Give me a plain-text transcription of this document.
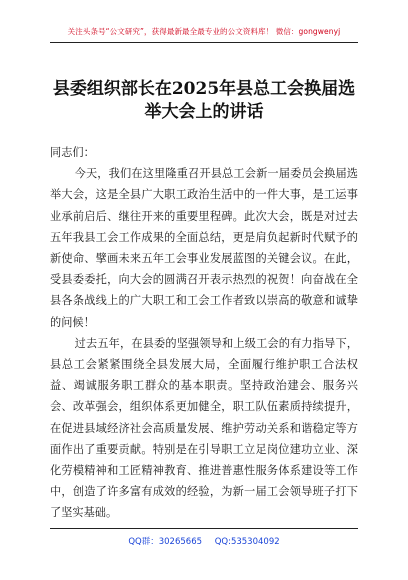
关注头条号“公文研究”，获得最新最全最专业的公文资料库！ 微信：gongwenyj
县委组织部长在2025年县总工会换届选
举大会上的讲话

同志们：

今天，我们在这里隆重召开县总工会新一届委员会换届选举大会，这是全县广大职工政治生活中的一件大事，是工运事业承前启后、继往开来的重要里程碑。此次大会，既是对过去五年我县工会工作成果的全面总结，更是肩负起新时代赋予的新使命、擘画未来五年工会事业发展蓝图的关键会议。在此，受县委委托，向大会的圆满召开表示热烈的祝贺！向奋战在全县各条战线上的广大职工和工会工作者致以崇高的敬意和诚挚的问候！

过去五年，在县委的坚强领导和上级工会的有力指导下，县总工会紧紧围绕全县发展大局，全面履行维护职工合法权益、竭诚服务职工群众的基本职责。坚持政治建会、服务兴会、改革强会，组织体系更加健全，职工队伍素质持续提升，在促进县域经济社会高质量发展、维护劳动关系和谐稳定等方面作出了重要贡献。特别是在引导职工立足岗位建功立业、深化劳模精神和工匠精神教育、推进普惠性服务体系建设等工作中，创造了许多富有成效的经验，为新一届工会领导班子打下了坚实基础。

QQ群：30265665 QQ:535304092
